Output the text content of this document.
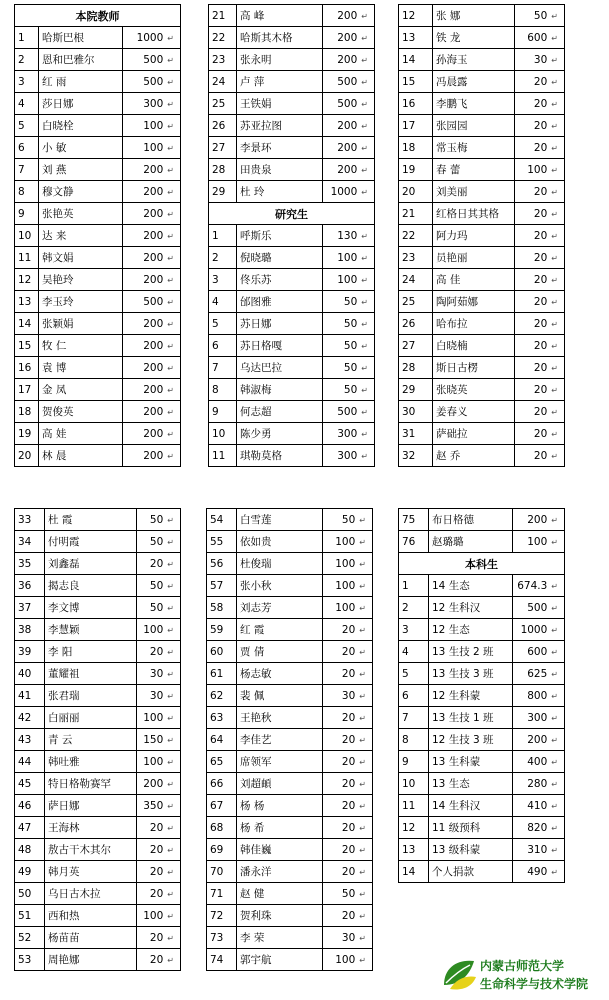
本院教师		
1	哈斯巴根	1000 ↵
2	恩和巴雅尔	500 ↵
3	红 雨	500 ↵
4	莎日娜	300 ↵
5	白晓栓	100 ↵
6	小 敏	100 ↵
7	刘 燕	200 ↵
8	穆文静	200 ↵
9	张艳英	200 ↵
10	达 来	200 ↵
11	韩文娟	200 ↵
12	吴艳玲	200 ↵
13	李玉玲	500 ↵
14	张颖娟	200 ↵
15	牧 仁	200 ↵
16	袁 博	200 ↵
17	金 凤	200 ↵
18	贺俊英	200 ↵
19	高 娃	200 ↵
20	林 晨	200 ↵
21	高 峰	200 ↵
22	哈斯其木格	200 ↵
23	张永明	200 ↵
24	卢 萍	500 ↵
25	王铁娟	500 ↵
26	苏亚拉图	200 ↵
27	李景环	200 ↵
28	田贵泉	200 ↵
29	杜 玲	1000 ↵
研究生		
1	呼斯乐	130 ↵
2	倪晓璐	100 ↵
3	佟乐苏	100 ↵
4	邰图雅	50 ↵
5	苏日娜	50 ↵
6	苏日格嘎	50 ↵
7	乌达巴拉	50 ↵
8	韩淑梅	50 ↵
9	何志超	500 ↵
10	陈少勇	300 ↵
11	琪勒莫格	300 ↵
12	张 娜	50 ↵
13	铁 龙	600 ↵
14	孙海玉	30 ↵
15	冯晨露	20 ↵
16	李鹏飞	20 ↵
17	张园园	20 ↵
18	常玉梅	20 ↵
19	春 蕾	100 ↵
20	刘美丽	20 ↵
21	红格日其其格	20 ↵
22	阿力玛	20 ↵
23	员艳丽	20 ↵
24	高 佳	20 ↵
25	陶阿茹娜	20 ↵
26	哈布拉	20 ↵
27	白晓楠	20 ↵
28	斯日古楞	20 ↵
29	张晓英	20 ↵
30	姜春义	20 ↵
31	萨础拉	20 ↵
32	赵 乔	20 ↵
33	杜 霞	50 ↵
34	付明霞	50 ↵
35	刘鑫磊	20 ↵
36	揭志良	50 ↵
37	李文博	50 ↵
38	李慧颖	100 ↵
39	李 阳	20 ↵
40	董耀祖	30 ↵
41	张君瑞	30 ↵
42	白丽丽	100 ↵
43	青 云	150 ↵
44	韩吐雅	100 ↵
45	特日格勒赛罕	200 ↵
46	萨日娜	350 ↵
47	王海林	20 ↵
48	敖古干木其尔	20 ↵
49	韩月英	20 ↵
50	乌日古木拉	20 ↵
51	西和热	100 ↵
52	杨苗苗	20 ↵
53	周艳娜	20 ↵
54	白雪莲	50 ↵
55	依如贵	100 ↵
56	杜俊瑞	100 ↵
57	张小秋	100 ↵
58	刘志芳	100 ↵
59	红 霞	20 ↵
60	贾 倩	20 ↵
61	杨志敏	20 ↵
62	裴 佩	30 ↵
63	王艳秋	20 ↵
64	李佳艺	20 ↵
65	席领军	20 ↵
66	刘超頔	20 ↵
67	杨 杨	20 ↵
68	杨 希	20 ↵
69	韩佳巍	20 ↵
70	潘永洋	20 ↵
71	赵 健	50 ↵
72	贺利珠	20 ↵
73	李 荣	30 ↵
74	郭宇航	100 ↵
75	布日格德	200 ↵
76	赵璐璐	100 ↵
本科生		
1	14 生态	674.3 ↵
2	12 生科汉	500 ↵
3	12 生态	1000 ↵
4	13 生技 2 班	600 ↵
5	13 生技 3 班	625 ↵
6	12 生科蒙	800 ↵
7	13 生技 1 班	300 ↵
8	12 生技 3 班	200 ↵
9	13 生科蒙	400 ↵
10	13 生态	280 ↵
11	14 生科汉	410 ↵
12	11 级预科	820 ↵
13	13 级科蒙	310 ↵
14	个人捐款	490 ↵
内蒙古师范大学
生命科学与技术学院
